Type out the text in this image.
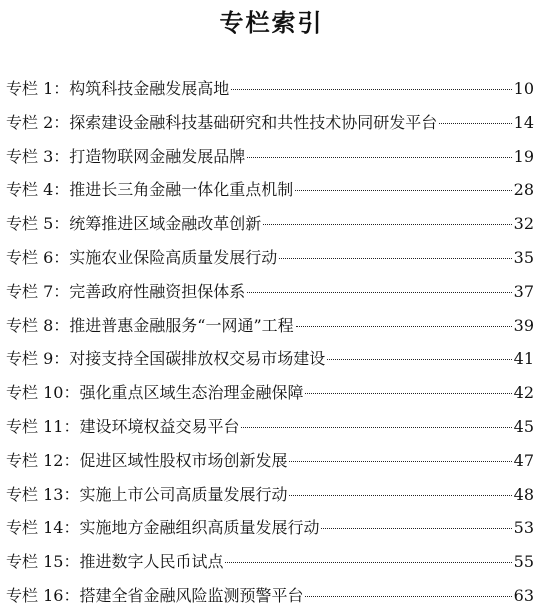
专栏索引
专栏 1： 构筑科技金融发展高地	10
专栏 2： 探索建设金融科技基础研究和共性技术协同研发平台	14
专栏 3： 打造物联网金融发展品牌	19
专栏 4： 推进长三角金融一体化重点机制	28
专栏 5： 统筹推进区域金融改革创新	32
专栏 6： 实施农业保险高质量发展行动	35
专栏 7： 完善政府性融资担保体系	37
专栏 8： 推进普惠金融服务“一网通”工程	39
专栏 9： 对接支持全国碳排放权交易市场建设	41
专栏 10： 强化重点区域生态治理金融保障	42
专栏 11： 建设环境权益交易平台	45
专栏 12： 促进区域性股权市场创新发展	47
专栏 13： 实施上市公司高质量发展行动	48
专栏 14： 实施地方金融组织高质量发展行动	53
专栏 15： 推进数字人民币试点	55
专栏 16： 搭建全省金融风险监测预警平台	63
